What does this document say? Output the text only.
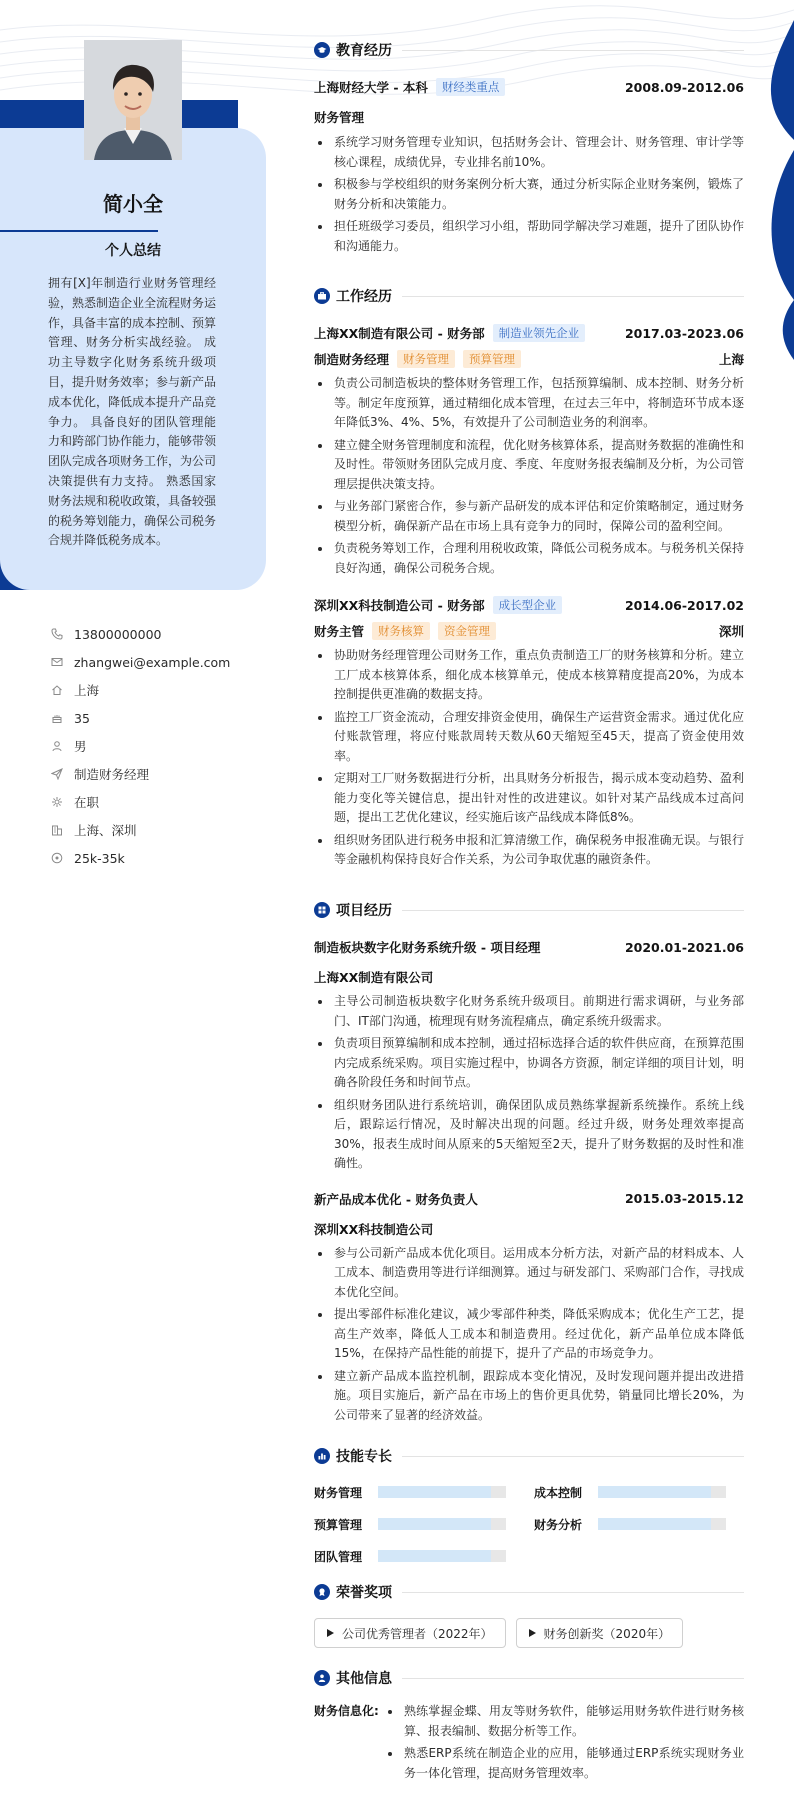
简小全
个人总结
拥有[X]年制造行业财务管理经验，熟悉制造企业全流程财务运作，具备丰富的成本控制、预算管理、财务分析实战经验。 成功主导数字化财务系统升级项目，提升财务效率；参与新产品成本优化，降低成本提升产品竞争力。 具备良好的团队管理能力和跨部门协作能力，能够带领团队完成各项财务工作，为公司决策提供有力支持。 熟悉国家财务法规和税收政策，具备较强的税务筹划能力，确保公司税务合规并降低税务成本。
13800000000
zhangwei@example.com
上海
35
男
制造财务经理
在职
上海、深圳
25k-35k
教育经历
上海财经大学 - 本科	财经类重点	2008.09-2012.06
财务管理
系统学习财务管理专业知识，包括财务会计、管理会计、财务管理、审计学等核心课程，成绩优异，专业排名前10%。
积极参与学校组织的财务案例分析大赛，通过分析实际企业财务案例，锻炼了财务分析和决策能力。
担任班级学习委员，组织学习小组，帮助同学解决学习难题，提升了团队协作和沟通能力。
工作经历
上海XX制造有限公司 - 财务部	制造业领先企业	2017.03-2023.06
制造财务经理	财务管理	预算管理	上海
负责公司制造板块的整体财务管理工作，包括预算编制、成本控制、财务分析等。制定年度预算，通过精细化成本管理，在过去三年中，将制造环节成本逐年降低3%、4%、5%，有效提升了公司制造业务的利润率。
建立健全财务管理制度和流程，优化财务核算体系，提高财务数据的准确性和及时性。带领财务团队完成月度、季度、年度财务报表编制及分析，为公司管理层提供决策支持。
与业务部门紧密合作，参与新产品研发的成本评估和定价策略制定，通过财务模型分析，确保新产品在市场上具有竞争力的同时，保障公司的盈利空间。
负责税务筹划工作，合理利用税收政策，降低公司税务成本。与税务机关保持良好沟通，确保公司税务合规。
深圳XX科技制造公司 - 财务部	成长型企业	2014.06-2017.02
财务主管	财务核算	资金管理	深圳
协助财务经理管理公司财务工作，重点负责制造工厂的财务核算和分析。建立工厂成本核算体系，细化成本核算单元，使成本核算精度提高20%，为成本控制提供更准确的数据支持。
监控工厂资金流动，合理安排资金使用，确保生产运营资金需求。通过优化应付账款管理，将应付账款周转天数从60天缩短至45天，提高了资金使用效率。
定期对工厂财务数据进行分析，出具财务分析报告，揭示成本变动趋势、盈利能力变化等关键信息，提出针对性的改进建议。如针对某产品线成本过高问题，提出工艺优化建议，经实施后该产品线成本降低8%。
组织财务团队进行税务申报和汇算清缴工作，确保税务申报准确无误。与银行等金融机构保持良好合作关系，为公司争取优惠的融资条件。
项目经历
制造板块数字化财务系统升级 - 项目经理	2020.01-2021.06
上海XX制造有限公司
主导公司制造板块数字化财务系统升级项目。前期进行需求调研，与业务部门、IT部门沟通，梳理现有财务流程痛点，确定系统升级需求。
负责项目预算编制和成本控制，通过招标选择合适的软件供应商，在预算范围内完成系统采购。项目实施过程中，协调各方资源，制定详细的项目计划，明确各阶段任务和时间节点。
组织财务团队进行系统培训，确保团队成员熟练掌握新系统操作。系统上线后，跟踪运行情况，及时解决出现的问题。经过升级，财务处理效率提高30%，报表生成时间从原来的5天缩短至2天，提升了财务数据的及时性和准确性。
新产品成本优化 - 财务负责人	2015.03-2015.12
深圳XX科技制造公司
参与公司新产品成本优化项目。运用成本分析方法，对新产品的材料成本、人工成本、制造费用等进行详细测算。通过与研发部门、采购部门合作，寻找成本优化空间。
提出零部件标准化建议，减少零部件种类，降低采购成本；优化生产工艺，提高生产效率，降低人工成本和制造费用。经过优化，新产品单位成本降低15%，在保持产品性能的前提下，提升了产品的市场竞争力。
建立新产品成本监控机制，跟踪成本变化情况，及时发现问题并提出改进措施。项目实施后，新产品在市场上的售价更具优势，销量同比增长20%，为公司带来了显著的经济效益。
技能专长
财务管理	成本控制
预算管理	财务分析
团队管理
荣誉奖项
公司优秀管理者（2022年）	财务创新奖（2020年）
其他信息
财务信息化:	熟练掌握金蝶、用友等财务软件，能够运用财务软件进行财务核算、报表编制、数据分析等工作。
熟悉ERP系统在制造企业的应用，能够通过ERP系统实现财务业务一体化管理，提高财务管理效率。
